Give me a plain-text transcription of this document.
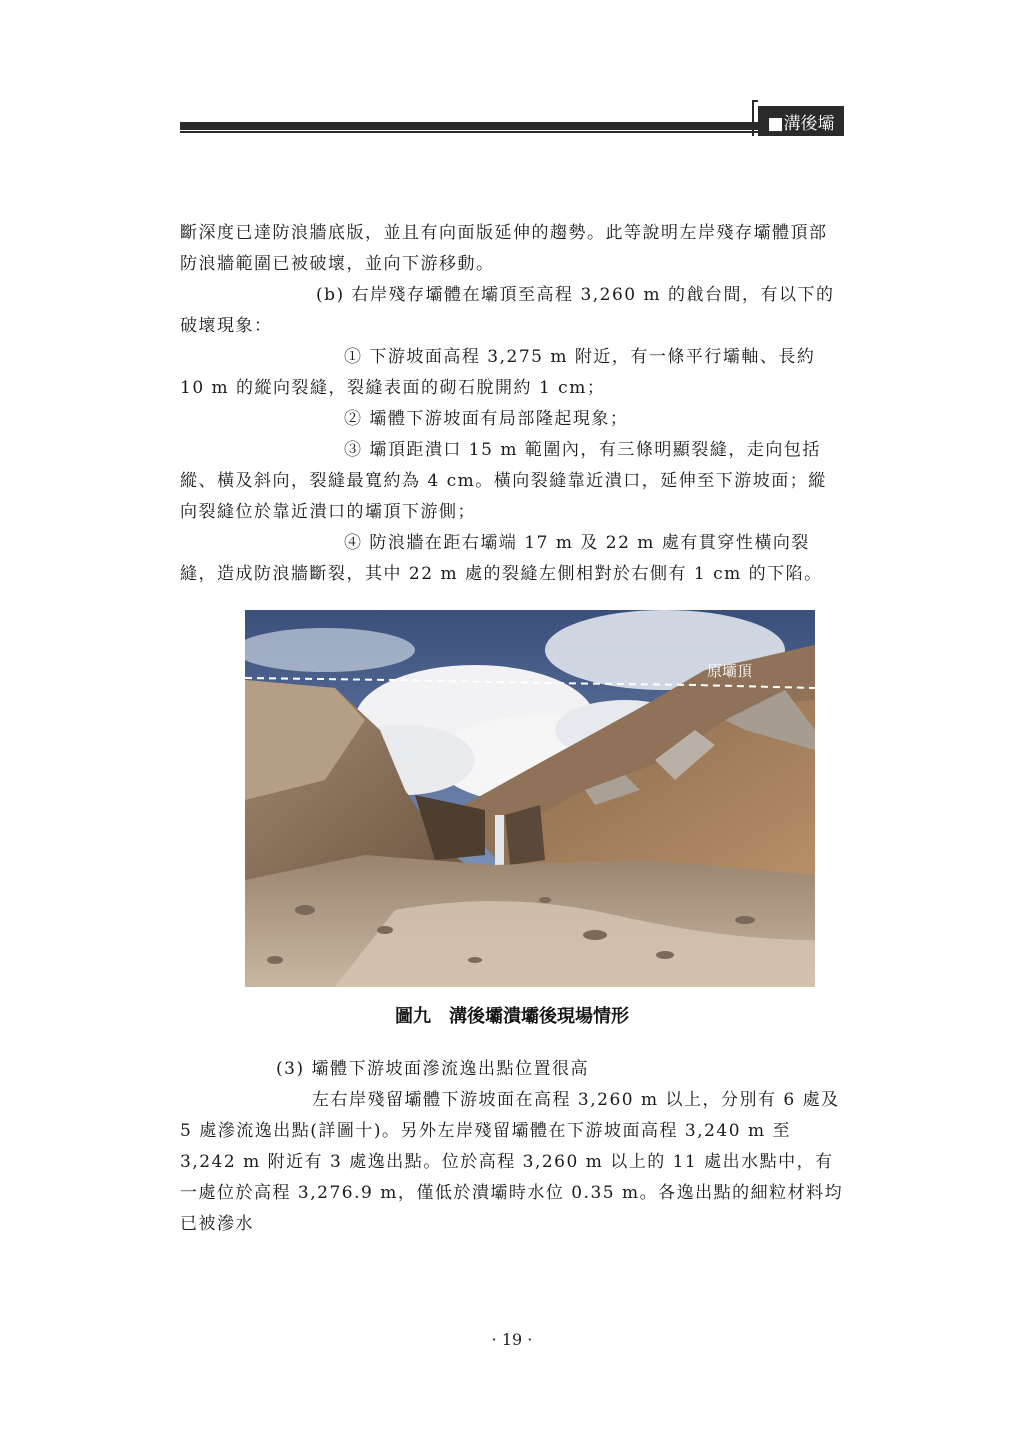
■溝後壩

斷深度已達防浪牆底版，並且有向面版延伸的趨勢。此等說明左岸殘存壩體頂部防浪牆範圍已被破壞，並向下游移動。

(b) 右岸殘存壩體在壩頂至高程 3,260 m 的戧台間，有以下的破壞現象：

① 下游坡面高程 3,275 m 附近，有一條平行壩軸、長約 10 m 的縱向裂縫，裂縫表面的砌石脫開約 1 cm；

② 壩體下游坡面有局部隆起現象；

③ 壩頂距潰口 15 m 範圍內，有三條明顯裂縫，走向包括縱、橫及斜向，裂縫最寬約為 4 cm。橫向裂縫靠近潰口，延伸至下游坡面；縱向裂縫位於靠近潰口的壩頂下游側；

④ 防浪牆在距右壩端 17 m 及 22 m 處有貫穿性橫向裂縫，造成防浪牆斷裂，其中 22 m 處的裂縫左側相對於右側有 1 cm 的下陷。

原壩頂
圖九　溝後壩潰壩後現場情形

(3) 壩體下游坡面滲流逸出點位置很高

左右岸殘留壩體下游坡面在高程 3,260 m 以上，分別有 6 處及 5 處滲流逸出點(詳圖十)。另外左岸殘留壩體在下游坡面高程 3,240 m 至 3,242 m 附近有 3 處逸出點。位於高程 3,260 m 以上的 11 處出水點中，有一處位於高程 3,276.9 m，僅低於潰壩時水位 0.35 m。各逸出點的細粒材料均已被滲水

· 19 ·
